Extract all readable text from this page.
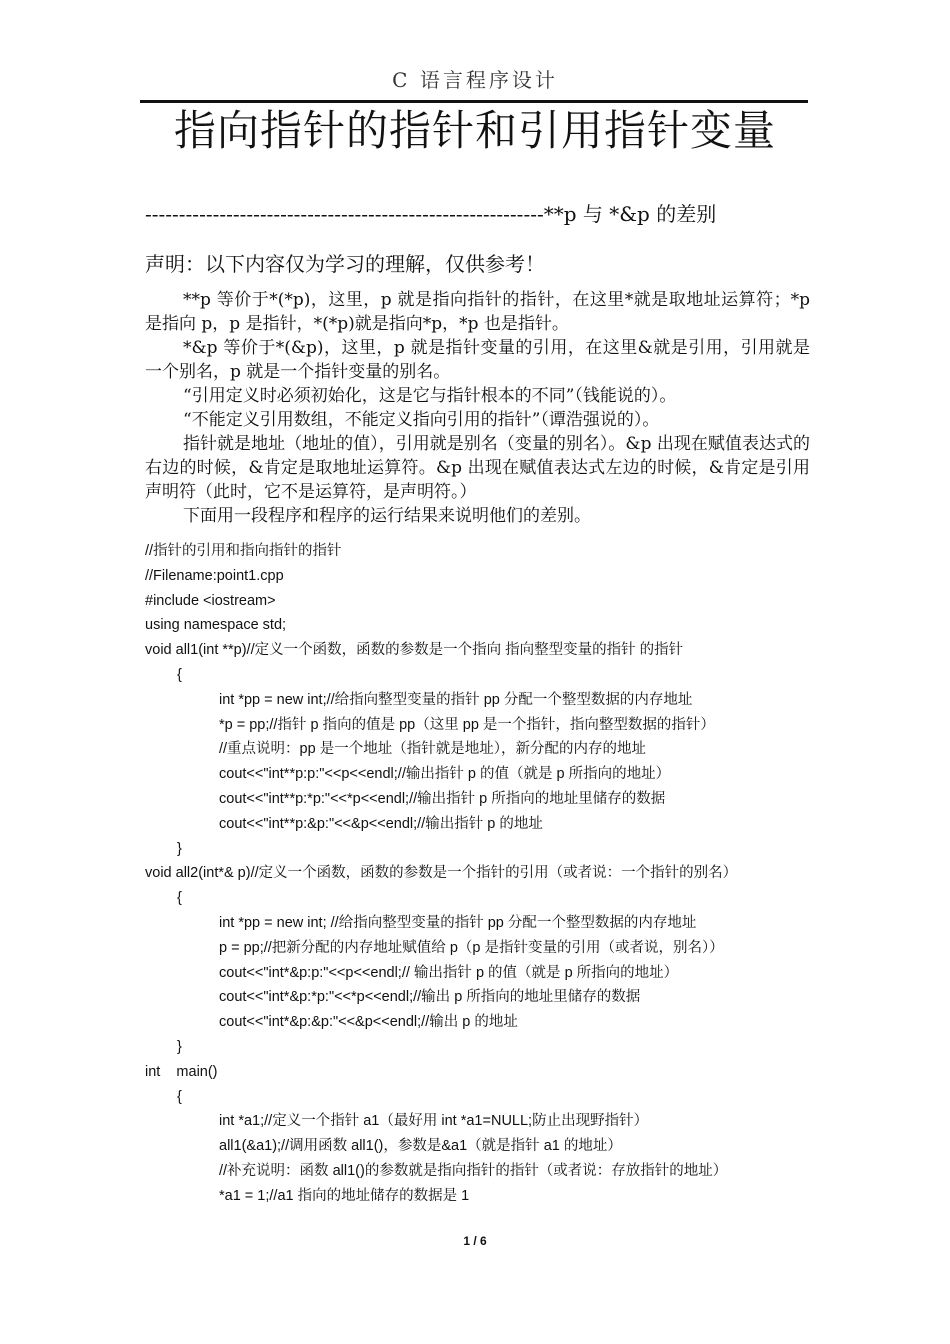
C 语言程序设计
指向指针的指针和引用指针变量
-----------------------------------------------------------**p 与 *&p 的差别
声明：以下内容仅为学习的理解，仅供参考！

**p 等价于*(*p)，这里，p 就是指向指针的指针，在这里*就是取地址运算符；*p 是指向 p，p 是指针，*(*p)就是指向*p，*p 也是指针。

*&p 等价于*(&p)，这里，p 就是指针变量的引用，在这里&就是引用，引用就是一个别名，p 就是一个指针变量的别名。

“引用定义时必须初始化，这是它与指针根本的不同”（钱能说的）。

“不能定义引用数组，不能定义指向引用的指针”（谭浩强说的）。

指针就是地址（地址的值），引用就是别名（变量的别名）。&p 出现在赋值表达式的右边的时候，&肯定是取地址运算符。&p 出现在赋值表达式左边的时候，&肯定是引用声明符（此时，它不是运算符，是声明符。）

下面用一段程序和程序的运行结果来说明他们的差别。

//指针的引用和指向指针的指针
//Filename:point1.cpp
#include <iostream>
using namespace std;
void all1(int **p)//定义一个函数，函数的参数是一个指向 指向整型变量的指针 的指针
{
int *pp = new int;//给指向整型变量的指针 pp 分配一个整型数据的内存地址
*p = pp;//指针 p 指向的值是 pp（这里 pp 是一个指针，指向整型数据的指针）
//重点说明：pp 是一个地址（指针就是地址），新分配的内存的地址
cout<<"int**p:p:"<<p<<endl;//输出指针 p 的值（就是 p 所指向的地址）
cout<<"int**p:*p:"<<*p<<endl;//输出指针 p 所指向的地址里储存的数据
cout<<"int**p:&p:"<<&p<<endl;//输出指针 p 的地址
}
void all2(int*& p)//定义一个函数，函数的参数是一个指针的引用（或者说：一个指针的别名）
{
int *pp = new int; //给指向整型变量的指针 pp 分配一个整型数据的内存地址
p = pp;//把新分配的内存地址赋值给 p（p 是指针变量的引用（或者说，别名））
cout<<"int*&p:p:"<<p<<endl;// 输出指针 p 的值（就是 p 所指向的地址）
cout<<"int*&p:*p:"<<*p<<endl;//输出 p 所指向的地址里储存的数据
cout<<"int*&p:&p:"<<&p<<endl;//输出 p 的地址
}
int    main()
{
int *a1;//定义一个指针 a1（最好用 int *a1=NULL;防止出现野指针）
all1(&a1);//调用函数 all1()，参数是&a1（就是指针 a1 的地址）
//补充说明：函数 all1()的参数就是指向指针的指针（或者说：存放指针的地址）
*a1 = 1;//a1 指向的地址储存的数据是 1
1 / 6
